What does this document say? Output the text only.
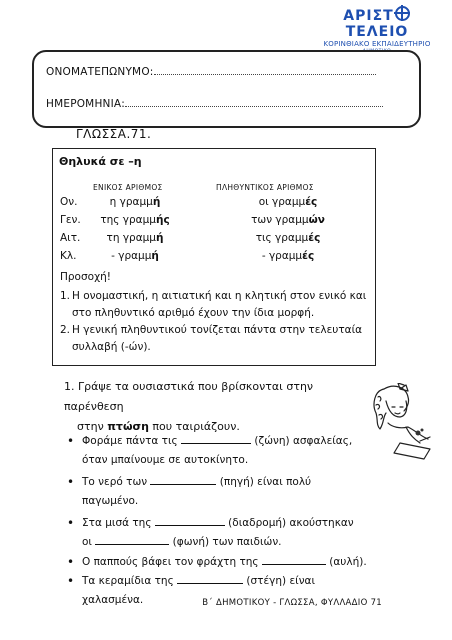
ΑΡΙΣΤΤΕΛΕΙΟ
ΚΟΡΙΝΘΙΑΚΟ ΕΚΠΑΙΔΕΥΤΗΡΙΟ
ΔΗΜΟΤΙΚΟ
ΟΝΟΜΑΤΕΠΩΝΥΜΟ:
ΗΜΕΡΟΜΗΝΙΑ:
ΓΛΩΣΣΑ.71.
Θηλυκά σε –η
ΕΝΙΚΟΣ ΑΡΙΘΜΟΣ	ΠΛΗΘΥΝΤΙΚΟΣ ΑΡΙΘΜΟΣ
Ον.	η γραμμή	οι γραμμές
Γεν.	της γραμμής	των γραμμών
Αιτ.	τη γραμμή	τις γραμμές
Κλ.	- γραμμή	- γραμμές
Προσοχή!
1. Η ονομαστική, η αιτιατική και η κλητική στον ενικό και
στο πληθυντικό αριθμό έχουν την ίδια μορφή.
2. Η γενική πληθυντικού τονίζεται πάντα στην τελευταία
συλλαβή (-ών).
1. Γράψε τα ουσιαστικά που βρίσκονται στην παρένθεση
στην πτώση που ταιριάζουν.
• Φοράμε πάντα τις	(ζώνη) ασφαλείας,
όταν μπαίνουμε σε αυτοκίνητο.
• Το νερό των	(πηγή) είναι πολύ
παγωμένο.
• Στα μισά της	(διαδρομή) ακούστηκαν
οι	(φωνή) των παιδιών.
• Ο παππούς βάφει τον φράχτη της	(αυλή).
• Τα κεραμίδια της	(στέγη) είναι
χαλασμένα.	Β΄ ΔΗΜΟΤΙΚΟΥ - ΓΛΩΣΣΑ, ΦΥΛΛΑΔΙΟ 71
